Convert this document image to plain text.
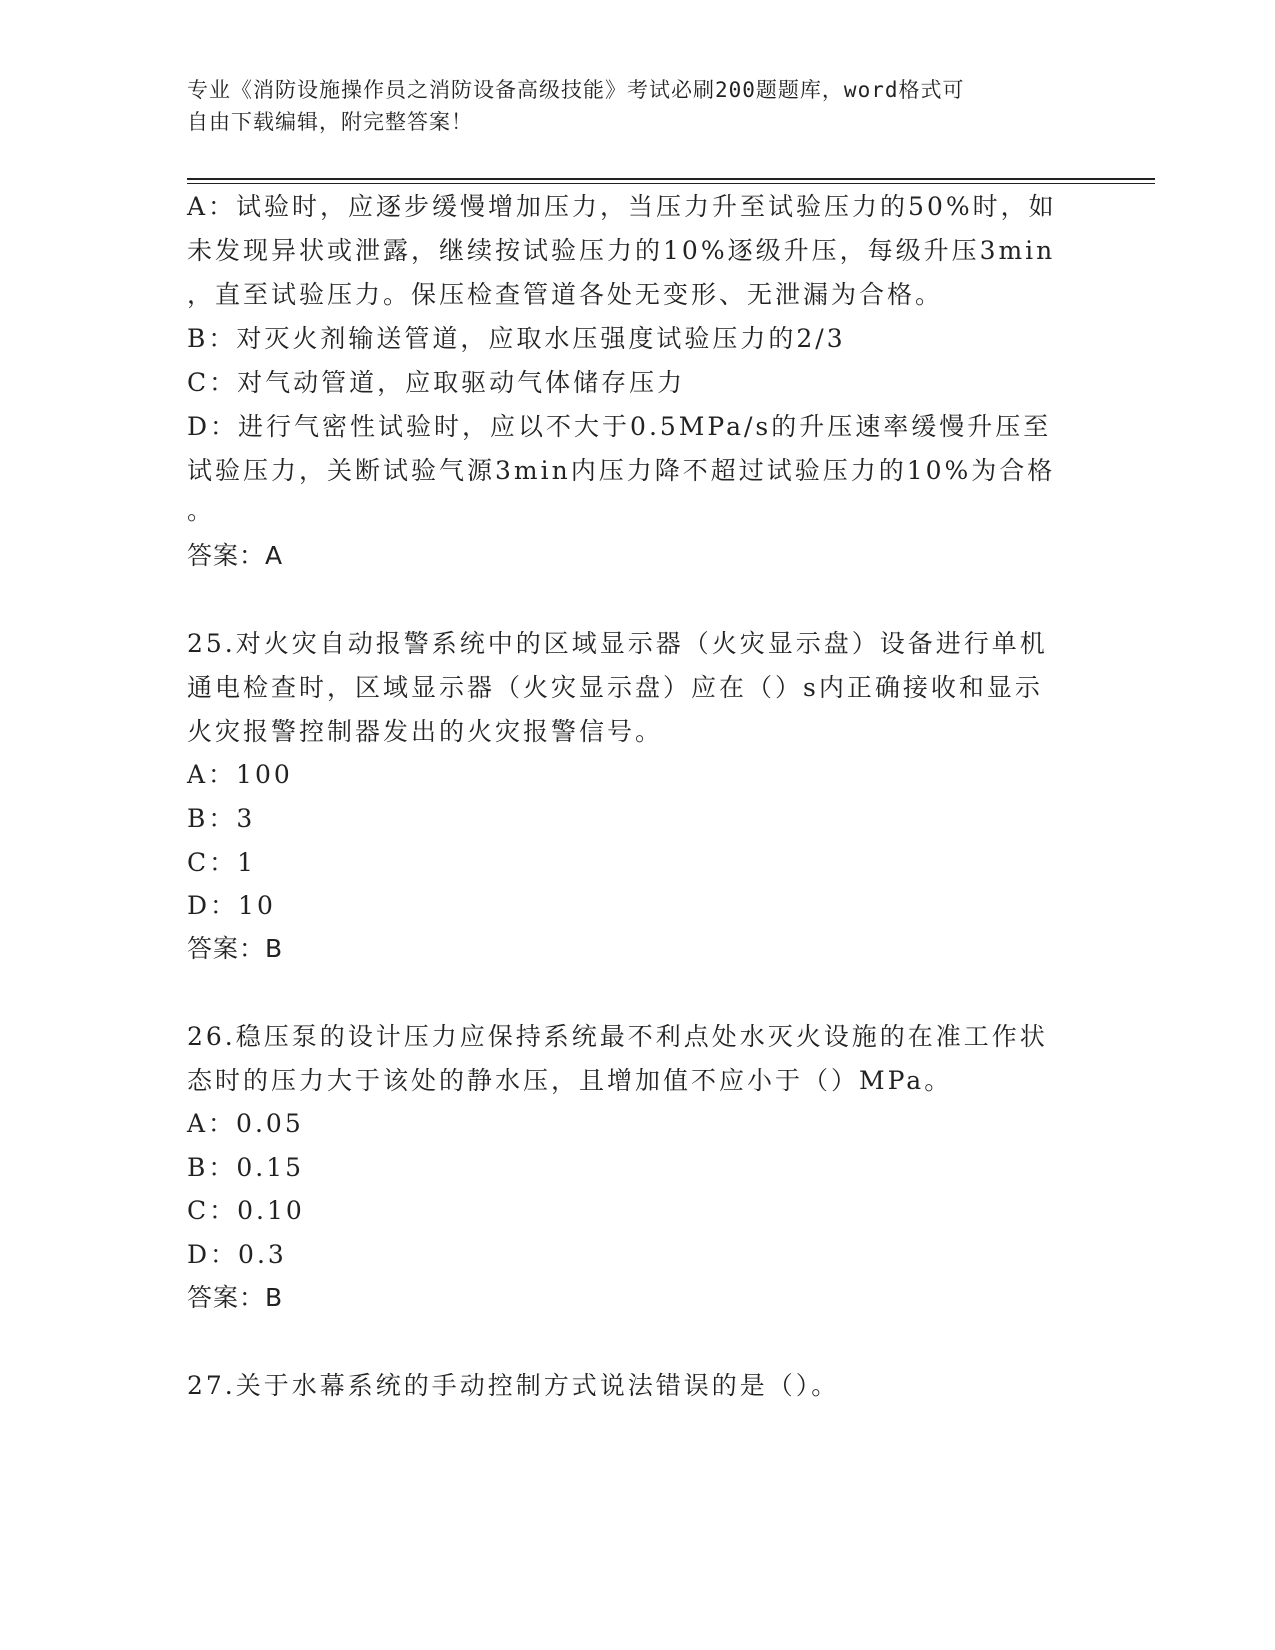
专业《消防设施操作员之消防设备高级技能》考试必刷200题题库，word格式可
自由下载编辑，附完整答案！
A：试验时，应逐步缓慢增加压力，当压力升至试验压力的50%时，如
未发现异状或泄露，继续按试验压力的10%逐级升压，每级升压3min
，直至试验压力。保压检查管道各处无变形、无泄漏为合格。
B：对灭火剂输送管道，应取水压强度试验压力的2/3
C：对气动管道，应取驱动气体储存压力
D：进行气密性试验时，应以不大于0.5MPa/s的升压速率缓慢升压至
试验压力，关断试验气源3min内压力降不超过试验压力的10%为合格
。
答案：A
25.对火灾自动报警系统中的区域显示器（火灾显示盘）设备进行单机
通电检查时，区域显示器（火灾显示盘）应在（）s内正确接收和显示
火灾报警控制器发出的火灾报警信号。
A：100
B：3
C：1
D：10
答案：B
26.稳压泵的设计压力应保持系统最不利点处水灭火设施的在准工作状
态时的压力大于该处的静水压，且增加值不应小于（）MPa。
A：0.05
B：0.15
C：0.10
D：0.3
答案：B
27.关于水幕系统的手动控制方式说法错误的是（）。
